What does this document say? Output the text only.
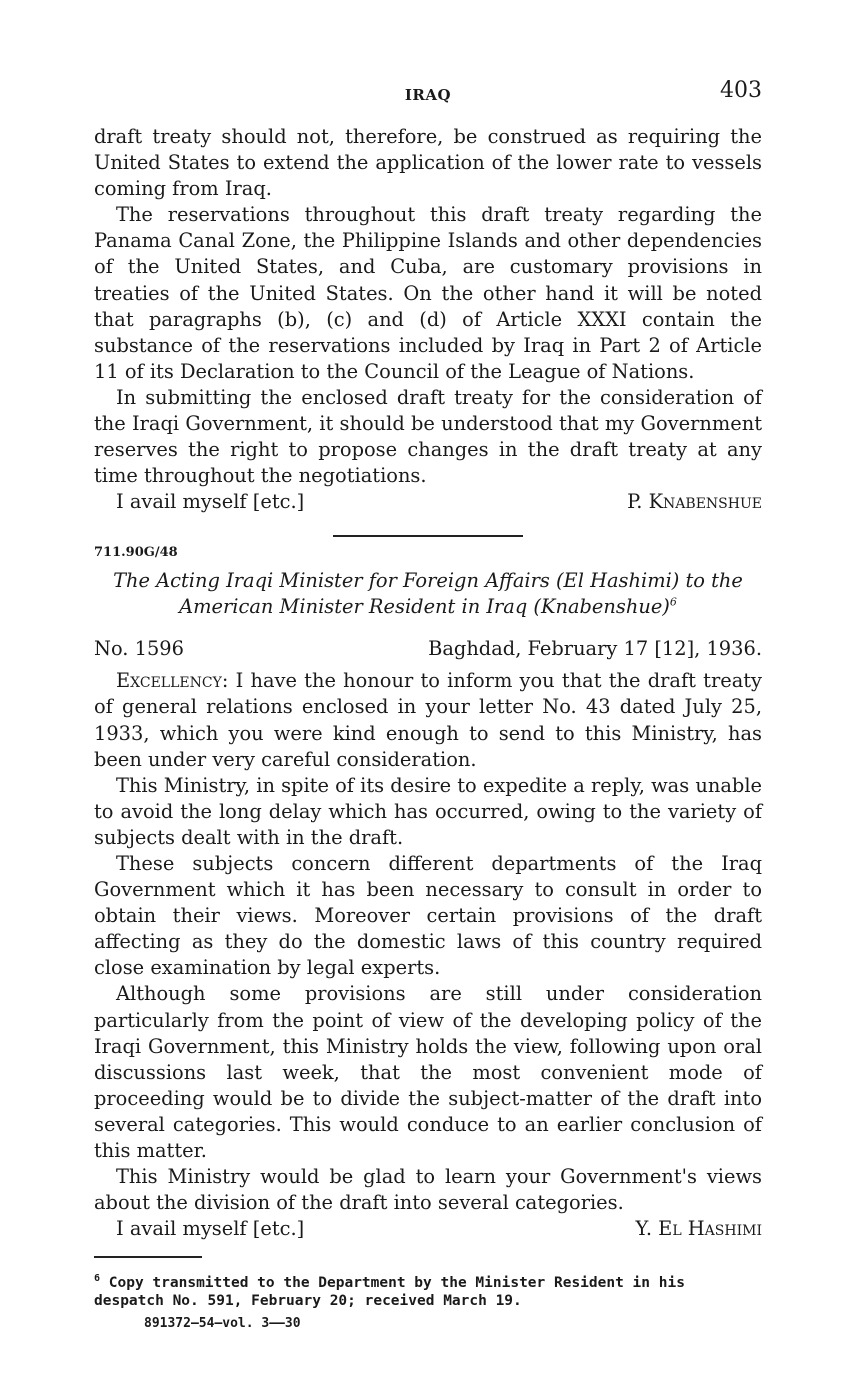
IRAQ	403

draft treaty should not, therefore, be construed as requiring the United States to extend the application of the lower rate to vessels coming from Iraq.

The reservations throughout this draft treaty regarding the Panama Canal Zone, the Philippine Islands and other dependencies of the United States, and Cuba, are customary provisions in treaties of the United States. On the other hand it will be noted that paragraphs (b), (c) and (d) of Article XXXI contain the substance of the reservations included by Iraq in Part 2 of Article 11 of its Declaration to the Council of the League of Nations.

In submitting the enclosed draft treaty for the consideration of the Iraqi Government, it should be understood that my Government reserves the right to propose changes in the draft treaty at any time throughout the negotiations.

I avail myself [etc.]	P. Knabenshue
711.90G/48
The Acting Iraqi Minister for Foreign Affairs (El Hashimi) to the American Minister Resident in Iraq (Knabenshue)$^6$
No. 1596	Baghdad, February 17 [12], 1936.

Excellency: I have the honour to inform you that the draft treaty of general relations enclosed in your letter No. 43 dated July 25, 1933, which you were kind enough to send to this Ministry, has been under very careful consideration.

This Ministry, in spite of its desire to expedite a reply, was unable to avoid the long delay which has occurred, owing to the variety of subjects dealt with in the draft.

These subjects concern different departments of the Iraq Government which it has been necessary to consult in order to obtain their views. Moreover certain provisions of the draft affecting as they do the domestic laws of this country required close examination by legal experts.

Although some provisions are still under consideration particularly from the point of view of the developing policy of the Iraqi Government, this Ministry holds the view, following upon oral discussions last week, that the most convenient mode of proceeding would be to divide the subject-matter of the draft into several categories. This would conduce to an earlier conclusion of this matter.

This Ministry would be glad to learn your Government's views about the division of the draft into several categories.

I avail myself [etc.]	Y. El Hashimi
$^6$ Copy transmitted to the Department by the Minister Resident in his despatch No. 591, February 20; received March 19.
891372—54—vol. 3——30
